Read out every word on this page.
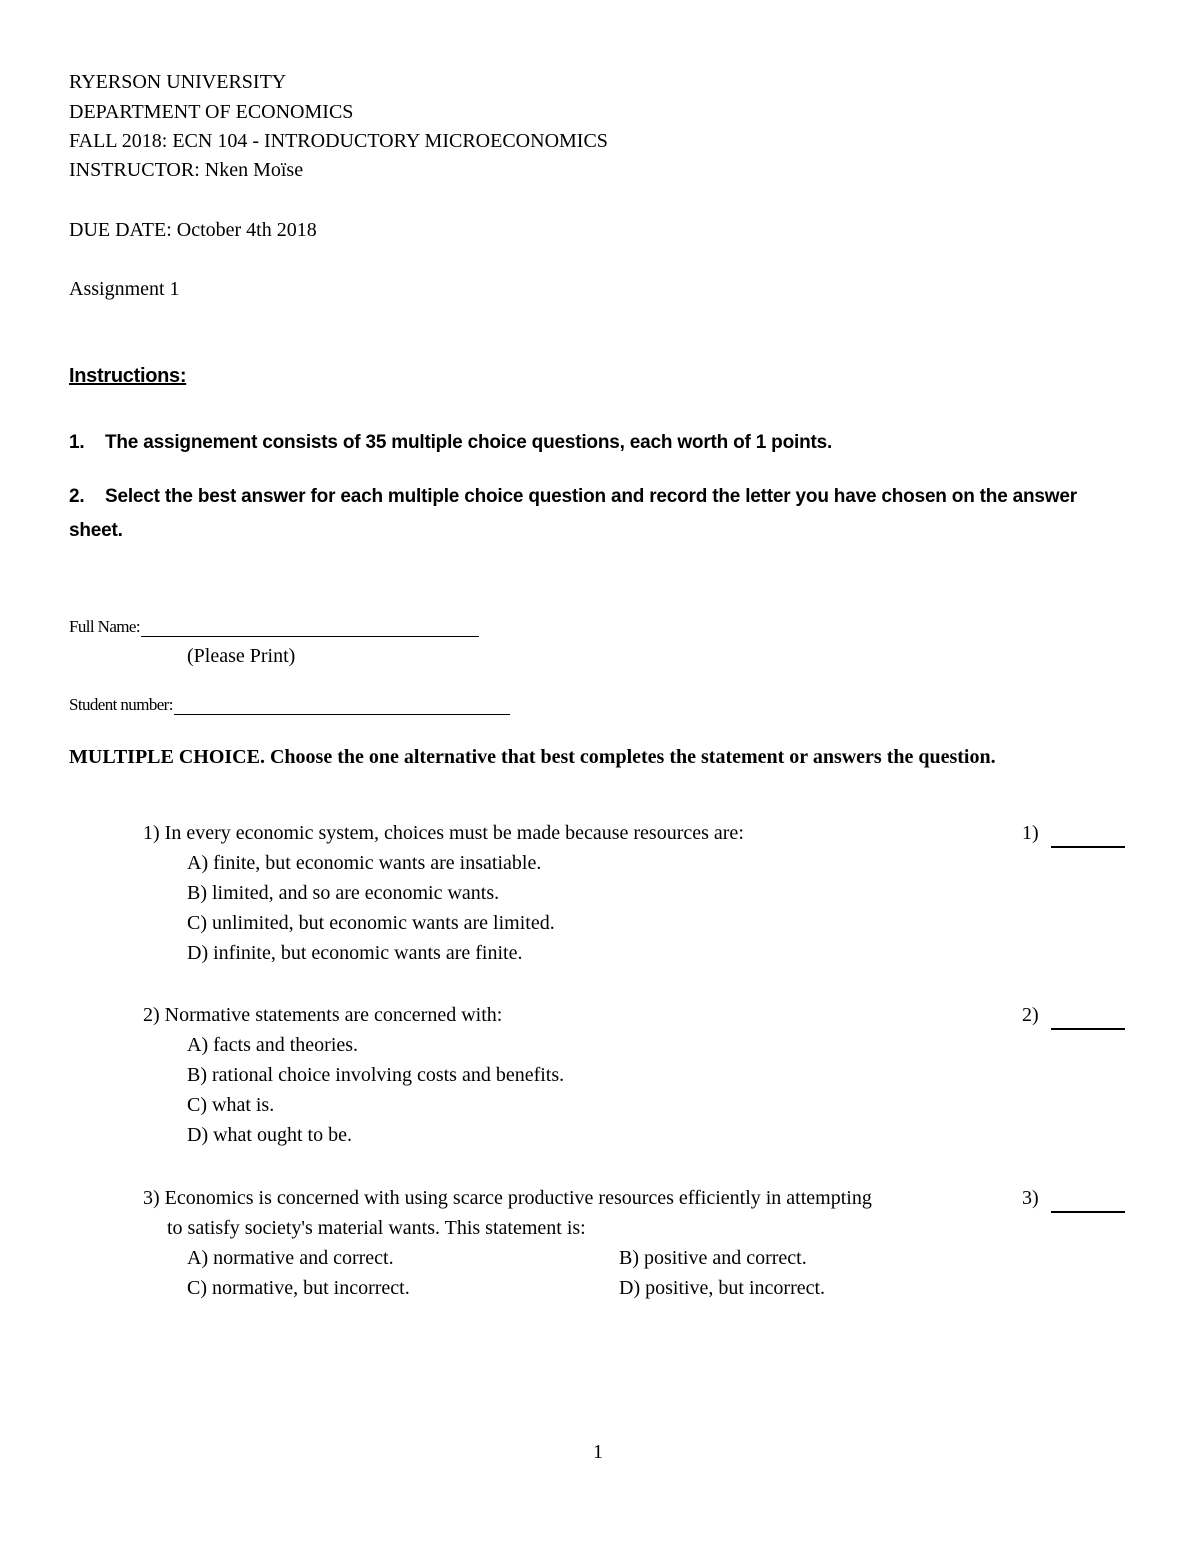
RYERSON UNIVERSITY
DEPARTMENT OF ECONOMICS
FALL 2018: ECN 104 - INTRODUCTORY MICROECONOMICS
INSTRUCTOR: Nken Moïse
DUE DATE: October 4th 2018
Assignment 1
Instructions:
1. The assignement consists of 35 multiple choice questions, each worth of 1 points.
2. Select the best answer for each multiple choice question and record the letter you have chosen on the answer sheet.
Full Name:
(Please Print)
Student number:
MULTIPLE CHOICE. Choose the one alternative that best completes the statement or answers the question.
1) In every economic system, choices must be made because resources are:
A) finite, but economic wants are insatiable.
B) limited, and so are economic wants.
C) unlimited, but economic wants are limited.
D) infinite, but economic wants are finite.
1)
2) Normative statements are concerned with:
A) facts and theories.
B) rational choice involving costs and benefits.
C) what is.
D) what ought to be.
2)
3) Economics is concerned with using scarce productive resources efficiently in attempting
to satisfy society's material wants. This statement is:
A) normative and correct.	B) positive and correct.
C) normative, but incorrect.	D) positive, but incorrect.
3)
1
